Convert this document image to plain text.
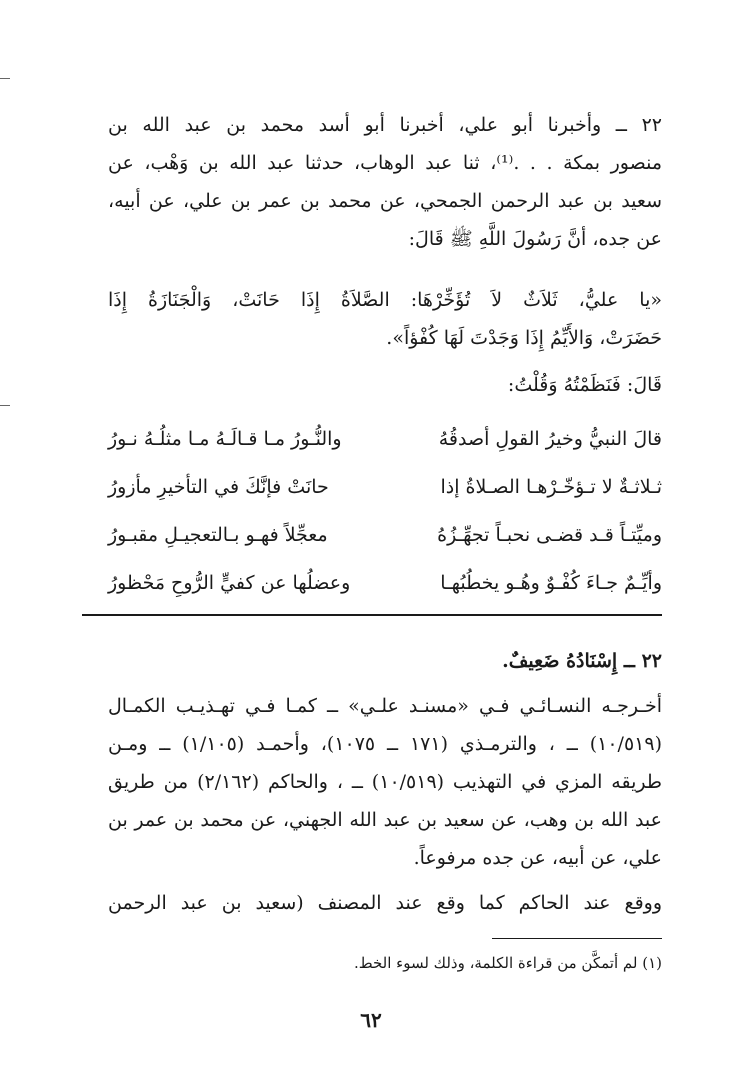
٢٢ ــ وأخبرنا أبو علي، أخبرنا أبو أسد محمد بن عبد الله بن
منصور بمكة . . .⁽¹⁾، ثنا عبد الوهاب، حدثنا عبد الله بن وَهْب، عن
سعيد بن عبد الرحمن الجمحي، عن محمد بن عمر بن علي، عن أبيه،
عن جده، أنَّ رَسُولَ اللَّهِ ﷺ قَالَ:
«يا عليُّ، ثَلاَثٌ لاَ تُؤَخِّرْهَا: الصَّلاَةُ إِذَا حَانَتْ، وَالْجَنَازَةُ إِذَا
حَضَرَتْ، وَالأَيِّمُ إِذَا وَجَدْتَ لَهَا كُفْؤاً».
قَالَ: فَنَظَمْتُهُ وَقُلْتُ:
قالَ النبيُّ وخيرُ القولِ أصدقُهُ
والنُّـورُ مـا قـالَـهُ مـا مثلُـهُ نـورُ
ثـلاثـةٌ لا تـؤخّـرْهـا الصـلاةُ إذا
حانَتْ فإنَّكَ في التأخيرِ مأزورُ
وميِّتـاً قـد قضـى نحبـاً تجهِّـزُهُ
معجِّلاً فهـو بـالتعجيـلِ مقبـورُ
وأيِّـمٌ جـاءَ كُفْـوٌ وهُـو يخطُبُهـا
وعضلُها عن كفيٍّ الرُّوحِ مَحْظورُ
٢٢ ــ إِسْنَادُهُ ضَعِيفٌ.
أخـرجـه النسـائـي فـي «مسنـد علـي» ــ كمـا فـي تهـذيـب الكمـال
(١٠/٥١٩) ــ ، والترمـذي (١٧١ ــ ١٠٧٥)، وأحمـد (١/١٠٥) ــ ومـن
طريقه المزي في التهذيب (١٠/٥١٩) ــ ، والحاكم (٢/١٦٢) من طريق
عبد الله بن وهب، عن سعيد بن عبد الله الجهني، عن محمد بن عمر بن
علي، عن أبيه، عن جده مرفوعاً.
ووقع عند الحاكم كما وقع عند المصنف (سعيد بن عبد الرحمن
(١) لم أتمكَّن من قراءة الكلمة، وذلك لسوء الخط.
٦٢
